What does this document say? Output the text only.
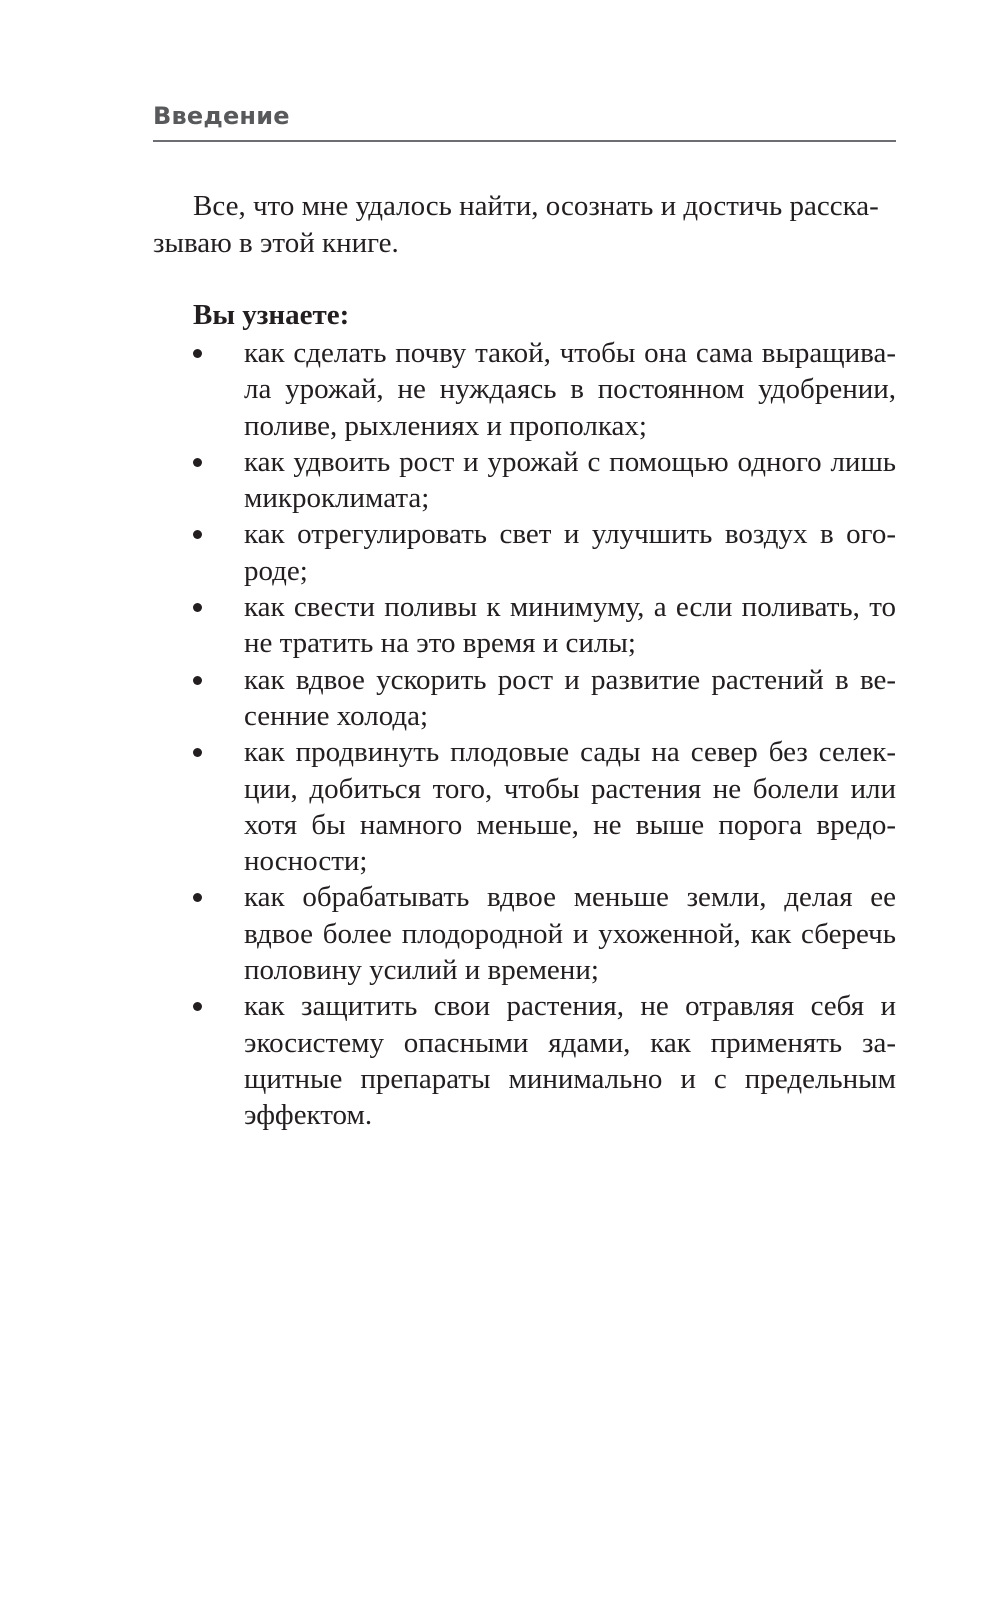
Введение

Все, что мне удалось найти, осознать и достичь расска-
зываю в этой книге.

Вы узнаете:

как сделать почву такой, чтобы она сама выращива-ла урожай, не нуждаясь в постоянном удобрении, поливе, рыхлениях и прополках;
как удвоить рост и урожай с помощью одного лишь микроклимата;
как отрегулировать свет и улучшить воздух в ого-роде;
как свести поливы к минимуму, а если поливать, то не тратить на это время и силы;
как вдвое ускорить рост и развитие растений в ве-сенние холода;
как продвинуть плодовые сады на север без селек-ции, добиться того, чтобы растения не болели или хотя бы намного меньше, не выше порога вредо-носности;
как обрабатывать вдвое меньше земли, делая ее вдвое более плодородной и ухоженной, как сберечь половину усилий и времени;
как защитить свои растения, не отравляя себя и экосистему опасными ядами, как применять за-щитные препараты минимально и с предельным эффектом.
